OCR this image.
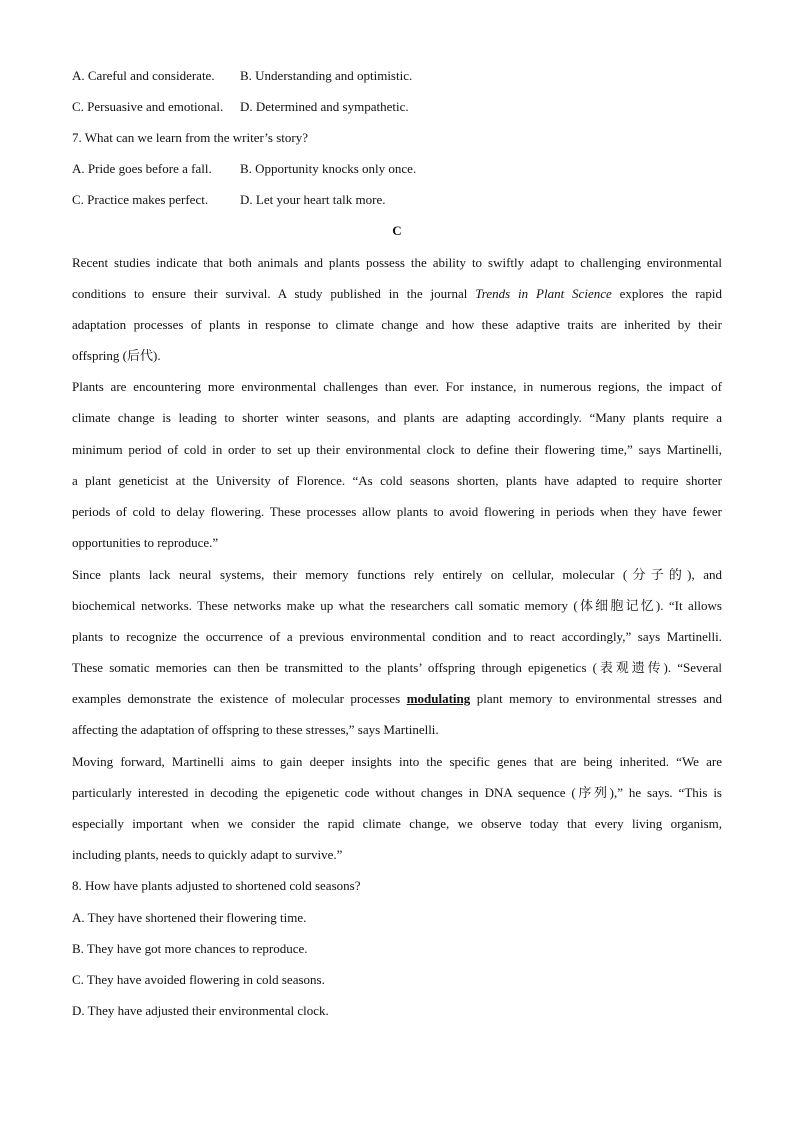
A. Careful and considerate. B. Understanding and optimistic.
C. Persuasive and emotional. D. Determined and sympathetic.
7. What can we learn from the writer’s story?
A. Pride goes before a fall. B. Opportunity knocks only once.
C. Practice makes perfect. D. Let your heart talk more.
C
Recent studies indicate that both animals and plants possess the ability to swiftly adapt to challenging environmental
conditions to ensure their survival. A study published in the journal Trends in Plant Science explores the rapid
adaptation processes of plants in response to climate change and how these adaptive traits are inherited by their
offspring (后代).
Plants are encountering more environmental challenges than ever. For instance, in numerous regions, the impact of
climate change is leading to shorter winter seasons, and plants are adapting accordingly. “Many plants require a
minimum period of cold in order to set up their environmental clock to define their flowering time,” says Martinelli,
a plant geneticist at the University of Florence. “As cold seasons shorten, plants have adapted to require shorter
periods of cold to delay flowering. These processes allow plants to avoid flowering in periods when they have fewer
opportunities to reproduce.”
Since plants lack neural systems, their memory functions rely entirely on cellular, molecular (分子的), and
biochemical networks. These networks make up what the researchers call somatic memory (体细胞记忆). “It allows
plants to recognize the occurrence of a previous environmental condition and to react accordingly,” says Martinelli.
These somatic memories can then be transmitted to the plants’ offspring through epigenetics (表观遗传). “Several
examples demonstrate the existence of molecular processes modulating plant memory to environmental stresses and
affecting the adaptation of offspring to these stresses,” says Martinelli.
Moving forward, Martinelli aims to gain deeper insights into the specific genes that are being inherited. “We are
particularly interested in decoding the epigenetic code without changes in DNA sequence (序列),” he says. “This is
especially important when we consider the rapid climate change, we observe today that every living organism,
including plants, needs to quickly adapt to survive.”
8. How have plants adjusted to shortened cold seasons?
A. They have shortened their flowering time.
B. They have got more chances to reproduce.
C. They have avoided flowering in cold seasons.
D. They have adjusted their environmental clock.
